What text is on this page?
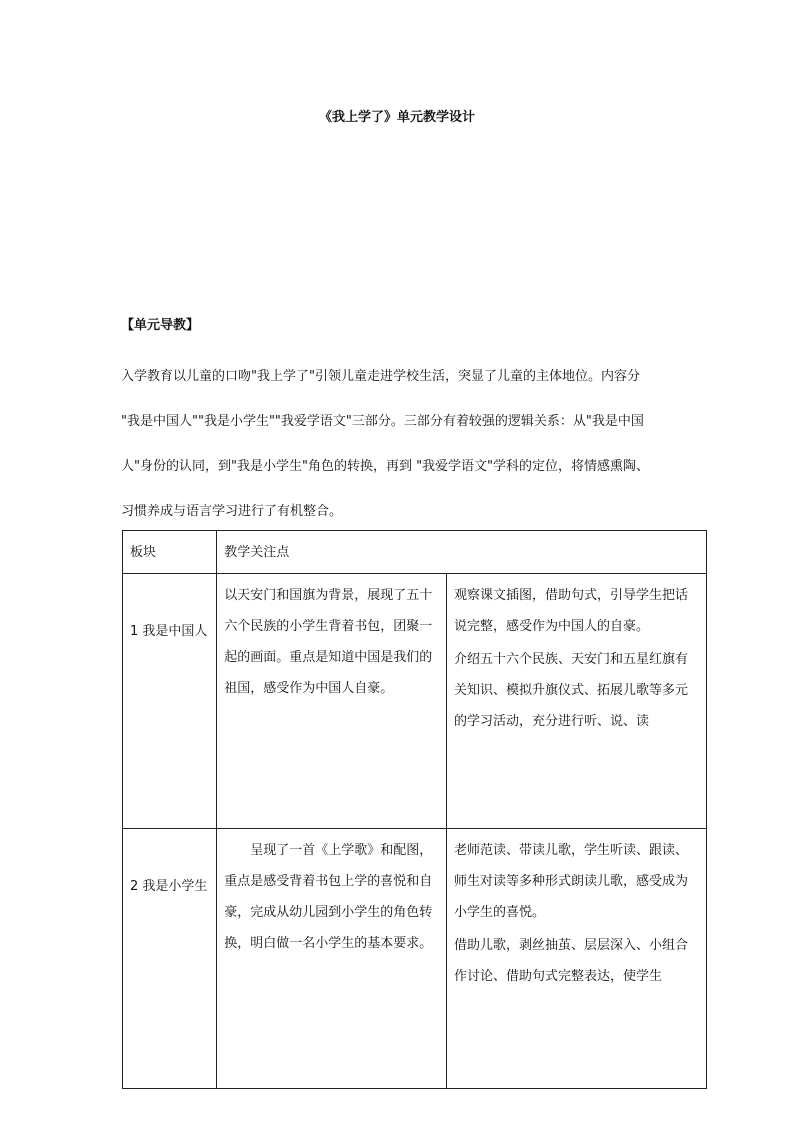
《我上学了》单元教学设计
【单元导教】

入学教育以儿童的口吻"我上学了"引领儿童走进学校生活，突显了儿童的主体地位。内容分

"我是中国人""我是小学生""我爱学语文"三部分。三部分有着较强的逻辑关系：从"我是中国

人"身份的认同，到"我是小学生"角色的转换，再到 "我爱学语文"学科的定位，将情感熏陶、

习惯养成与语言学习进行了有机整合。

板块	教学关注点	
1 我是中国人	以天安门和国旗为背景，展现了五十六个民族的小学生背着书包，团聚一起的画面。重点是知道中国是我们的祖国，感受作为中国人自豪。	观察课文插图，借助句式，引导学生把话说完整，感受作为中国人的自豪。

介绍五十六个民族、天安门和五星红旗有关知识、模拟升旗仪式、拓展儿歌等多元的学习活动，充分进行听、说、读

2 我是小学生	呈现了一首《上学歌》和配图，重点是感受背着书包上学的喜悦和自豪，完成从幼儿园到小学生的角色转换，明白做一名小学生的基本要求。	老师范读、带读儿歌，学生听读、跟读、师生对读等多种形式朗读儿歌，感受成为小学生的喜悦。

借助儿歌，剥丝抽茧、层层深入、小组合作讨论、借助句式完整表达，使学生
